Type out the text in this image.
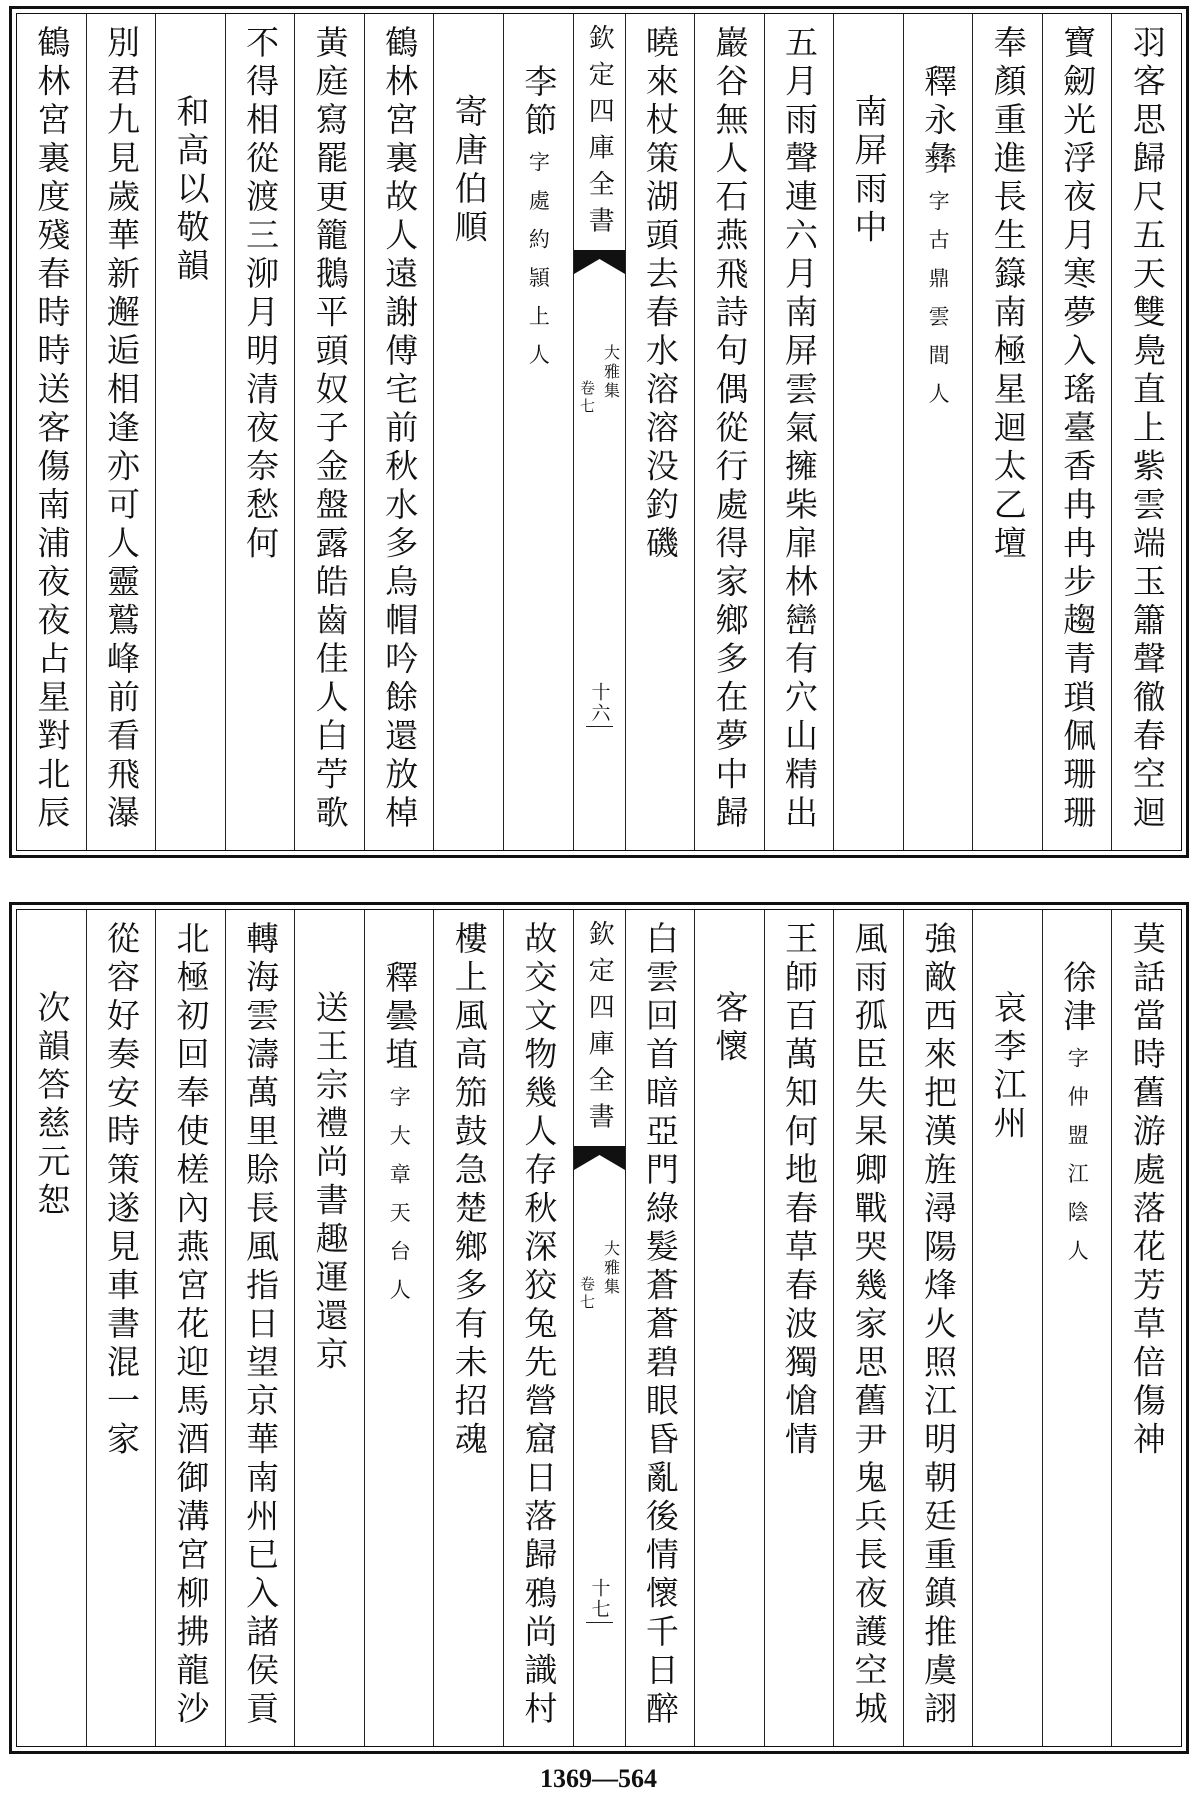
羽客思歸尺五天雙鳧直上紫雲端玉簫聲徹春空迴
寶劒光浮夜月寒夢入瑤臺香冉冉步趨青瑣佩珊珊
奉顏重進長生籙南極星迴太乙壇
釋永彝字古鼎雲間人
南屏雨中
五月雨聲連六月南屏雲氣擁柴扉林巒有穴山精出
巖谷無人石燕飛詩句偶從行處得家鄉多在夢中歸
曉來杖策湖頭去春水溶溶没釣磯
欽定四庫全書
大雅集
卷七
十六
李節字處約頴上人
寄唐伯順
鶴林宮裏故人遠謝傅宅前秋水多烏帽吟餘還放棹
黃庭寫罷更籠鵝平頭奴子金盤露皓齒佳人白苧歌
不得相從渡三泖月明清夜奈愁何
和高以敬韻
別君九見歲華新邂逅相逢亦可人靈鷲峰前看飛瀑
鶴林宮裏度殘春時時送客傷南浦夜夜占星對北辰
莫話當時舊游處落花芳草倍傷神
徐津字仲盟江陰人
哀李江州
強敵西來把漢旌潯陽烽火照江明朝廷重鎮推虞詡
風雨孤臣失杲卿戰哭幾家思舊尹鬼兵長夜護空城
王師百萬知何地春草春波獨愴情
客懷
白雲回首暗亞門綠髮蒼蒼碧眼昏亂後情懷千日醉
欽定四庫全書
大雅集
卷七
十七
故交文物幾人存秋深狡兔先營窟日落歸鴉尚識村
樓上風高笳鼓急楚鄉多有未招魂
釋曇埴字大章天台人
送王宗禮尚書趣運還京
轉海雲濤萬里賒長風指日望京華南州已入諸侯貢
北極初回奉使槎內燕宮花迎馬酒御溝宮柳拂龍沙
從容好奏安時策遂見車書混一家
次韻答慈元恕
1369—564
